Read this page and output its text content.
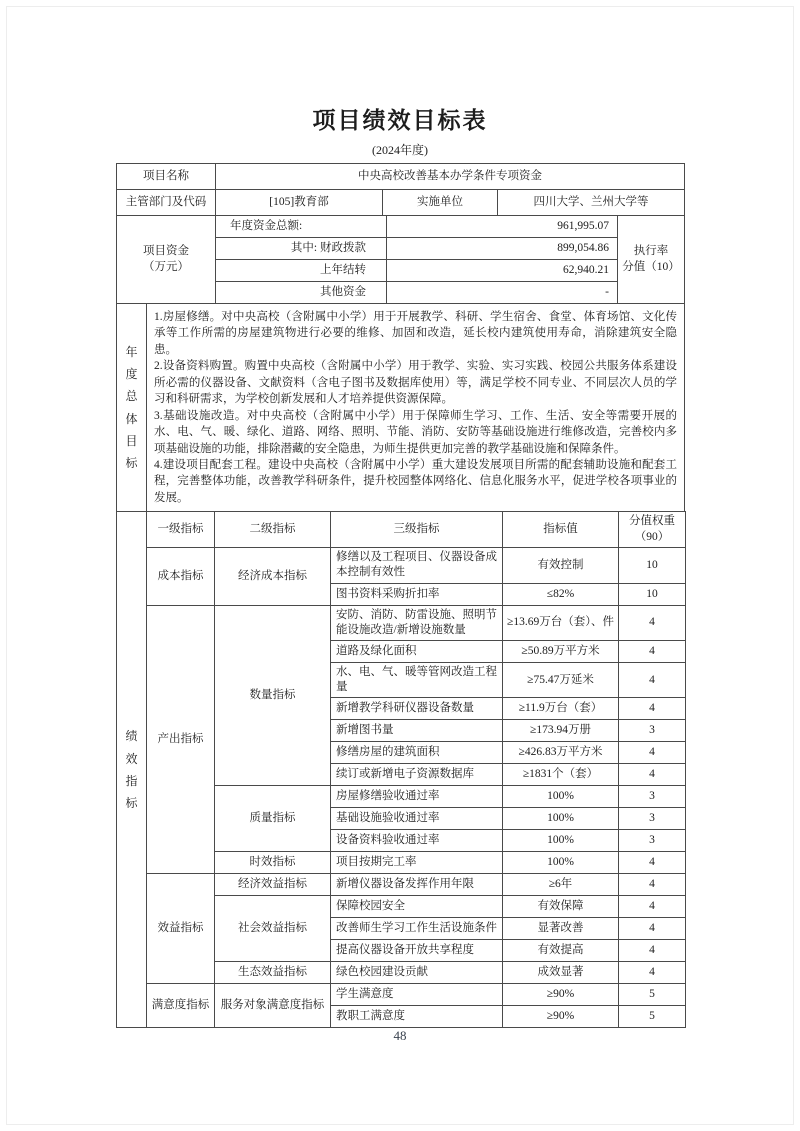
项目绩效目标表
(2024年度)
项目名称	中央高校改善基本办学条件专项资金		
主管部门及代码	[105]教育部	实施单位	四川大学、兰州大学等
项目资金
（万元）	年度资金总额:	961,995.07	执行率
分值（10）
	其中: 财政拨款	899,054.86	
	上年结转	62,940.21	
	其他资金	-	
年度总体目标

1.房屋修缮。对中央高校（含附属中小学）用于开展教学、科研、学生宿舍、食堂、体育场馆、文化传承等工作所需的房屋建筑物进行必要的维修、加固和改造，延长校内建筑使用寿命，消除建筑安全隐患。

2.设备资料购置。购置中央高校（含附属中小学）用于教学、实验、实习实践、校园公共服务体系建设所必需的仪器设备、文献资料（含电子图书及数据库使用）等，满足学校不同专业、不同层次人员的学习和科研需求，为学校创新发展和人才培养提供资源保障。

3.基础设施改造。对中央高校（含附属中小学）用于保障师生学习、工作、生活、安全等需要开展的水、电、气、暖、绿化、道路、网络、照明、节能、消防、安防等基础设施进行维修改造，完善校内多项基础设施的功能，排除潜藏的安全隐患，为师生提供更加完善的教学基础设施和保障条件。

4.建设项目配套工程。建设中央高校（含附属中小学）重大建设发展项目所需的配套辅助设施和配套工程，完善整体功能，改善教学科研条件，提升校园整体网络化、信息化服务水平，促进学校各项事业的发展。

绩效指标	一级指标	二级指标	三级指标	指标值	分值权重
（90）
	成本指标	经济成本指标	修缮以及工程项目、仪器设备成本控制有效性	有效控制	10
			图书资料采购折扣率	≤82%	10
	产出指标	数量指标	安防、消防、防雷设施、照明节能设施改造/新增设施数量	≥13.69万台（套）、件	4
			道路及绿化面积	≥50.89万平方米	4
			水、电、气、暖等管网改造工程量	≥75.47万延米	4
			新增教学科研仪器设备数量	≥11.9万台（套）	4
			新增图书量	≥173.94万册	3
			修缮房屋的建筑面积	≥426.83万平方米	4
			续订或新增电子资源数据库	≥1831个（套）	4
		质量指标	房屋修缮验收通过率	100%	3
			基础设施验收通过率	100%	3
			设备资料验收通过率	100%	3
		时效指标	项目按期完工率	100%	4
	效益指标	经济效益指标	新增仪器设备发挥作用年限	≥6年	4
		社会效益指标	保障校园安全	有效保障	4
			改善师生学习工作生活设施条件	显著改善	4
			提高仪器设备开放共享程度	有效提高	4
		生态效益指标	绿色校园建设贡献	成效显著	4
	满意度指标	服务对象满意度指标	学生满意度	≥90%	5
			教职工满意度	≥90%	5
48
